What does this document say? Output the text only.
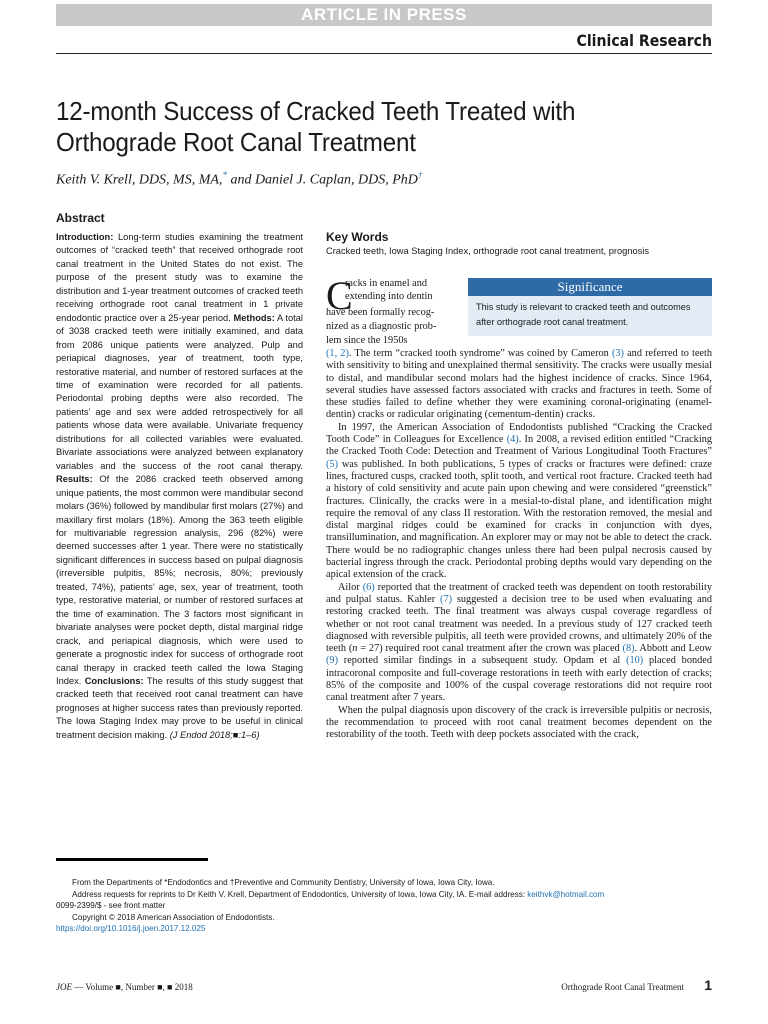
ARTICLE IN PRESS
Clinical Research
12-month Success of Cracked Teeth Treated with Orthograde Root Canal Treatment
Keith V. Krell, DDS, MS, MA,* and Daniel J. Caplan, DDS, PhD†
Abstract

Introduction: Long-term studies examining the treatment outcomes of “cracked teeth” that received orthograde root canal treatment in the United States do not exist. The purpose of the present study was to examine the distribution and 1-year treatment outcomes of cracked teeth receiving orthograde root canal treatment in 1 private endodontic practice over a 25-year period. Methods: A total of 3038 cracked teeth were initially examined, and data from 2086 unique patients were analyzed. Pulp and periapical diagnoses, year of treatment, tooth type, restorative material, and number of restored surfaces at the time of examination were recorded for all patients. Periodontal probing depths were also recorded. The patients’ age and sex were added retrospectively for all patients whose data were available. Univariate frequency distributions for all collected variables were evaluated. Bivariate associations were analyzed between explanatory variables and the success of the root canal therapy. Results: Of the 2086 cracked teeth observed among unique patients, the most common were mandibular second molars (36%) followed by mandibular first molars (27%) and maxillary first molars (18%). Among the 363 teeth eligible for multivariable regression analysis, 296 (82%) were deemed successes after 1 year. There were no statistically significant differences in success based on pulpal diagnosis (irreversible pulpitis, 85%; necrosis, 80%; previously treated, 74%), patients’ age, sex, year of treatment, tooth type, restorative material, or number of restored surfaces at the time of examination. The 3 factors most significant in bivariate analyses were pocket depth, distal marginal ridge crack, and periapical diagnosis, which were used to generate a prognostic index for success of orthograde root canal therapy in cracked teeth called the Iowa Staging Index. Conclusions: The results of this study suggest that cracked teeth that received root canal treatment can have prognoses at higher success rates than previously reported. The Iowa Staging Index may prove to be useful in clinical treatment decision making. (J Endod 2018;■:1–6)

Key Words
Cracked teeth, Iowa Staging Index, orthograde root canal treatment, prognosis
Significance
This study is relevant to cracked teeth and outcomes after orthograde root canal treatment.
C
racks in enamel and
extending into dentin
have been formally recog-
nized as a diagnostic prob-
lem since the 1950s

(1, 2). The term “cracked tooth syndrome” was coined by Cameron (3) and referred to teeth with sensitivity to biting and unexplained thermal sensitivity. The cracks were usually mesial to distal, and mandibular second molars had the highest incidence of cracks. Since 1964, several studies have assessed factors associated with cracks and fractures in teeth. Some of these studies failed to define whether they were examining coronal-originating (enamel-dentin) cracks or radicular originating (cementum-dentin) cracks.

In 1997, the American Association of Endodontists published “Cracking the Cracked Tooth Code” in Colleagues for Excellence (4). In 2008, a revised edition entitled “Cracking the Cracked Tooth Code: Detection and Treatment of Various Longitudinal Tooth Fractures” (5) was published. In both publications, 5 types of cracks or fractures were defined: craze lines, fractured cusps, cracked tooth, split tooth, and vertical root fracture. Cracked teeth had a history of cold sensitivity and acute pain upon chewing and were considered “greenstick” fractures. Clinically, the cracks were in a mesial-to-distal plane, and identification might require the removal of any class II restoration. With the restoration removed, the mesial and distal marginal ridges could be examined for cracks in conjunction with dyes, transillumination, and magnification. An explorer may or may not be able to detect the crack. There would be no radiographic changes unless there had been pulpal necrosis caused by bacterial ingress through the crack. Periodontal probing depths would vary depending on the apical extension of the crack.

Ailor (6) reported that the treatment of cracked teeth was dependent on tooth restorability and pulpal status. Kahler (7) suggested a decision tree to be used when evaluating and restoring cracked teeth. The final treatment was always cuspal coverage regardless of whether or not root canal treatment was needed. In a previous study of 127 cracked teeth diagnosed with reversible pulpitis, all teeth were provided crowns, and ultimately 20% of the teeth (n = 27) required root canal treatment after the crown was placed (8). Abbott and Leow (9) reported similar findings in a subsequent study. Opdam et al (10) placed bonded intracoronal composite and full-coverage restorations in teeth with early detection of cracks; 85% of the composite and 100% of the cuspal coverage restorations did not require root canal treatment after 7 years.

When the pulpal diagnosis upon discovery of the crack is irreversible pulpitis or necrosis, the recommendation to proceed with root canal treatment becomes dependent on the restorability of the tooth. Teeth with deep pockets associated with the crack,

From the Departments of *Endodontics and †Preventive and Community Dentistry, University of Iowa, Iowa City, Iowa.
Address requests for reprints to Dr Keith V. Krell, Department of Endodontics, University of Iowa, Iowa City, IA. E-mail address: keithvk@hotmail.com
0099-2399/$ - see front matter
Copyright © 2018 American Association of Endodontists.
https://doi.org/10.1016/j.joen.2017.12.025
JOE — Volume ■, Number ■, ■ 2018	Orthograde Root Canal Treatment 1
